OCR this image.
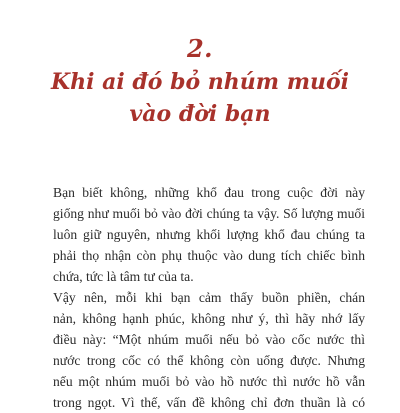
2.
Khi ai đó bỏ nhúm muối
vào đời bạn
Bạn biết không, những khổ đau trong cuộc đời này
giống như muối bỏ vào đời chúng ta vậy. Số lượng muối
luôn giữ nguyên, nhưng khối lượng khổ đau chúng ta
phải thọ nhận còn phụ thuộc vào dung tích chiếc bình
chứa, tức là tâm tư của ta.
Vậy nên, mỗi khi bạn cảm thấy buồn phiền, chán
nản, không hạnh phúc, không như ý, thì hãy nhớ lấy
điều này: “Một nhúm muối nếu bỏ vào cốc nước thì
nước trong cốc có thể không còn uống được. Nhưng
nếu một nhúm muối bỏ vào hồ nước thì nước hồ vẫn
trong ngọt. Vì thế, vấn đề không chỉ đơn thuần là có
